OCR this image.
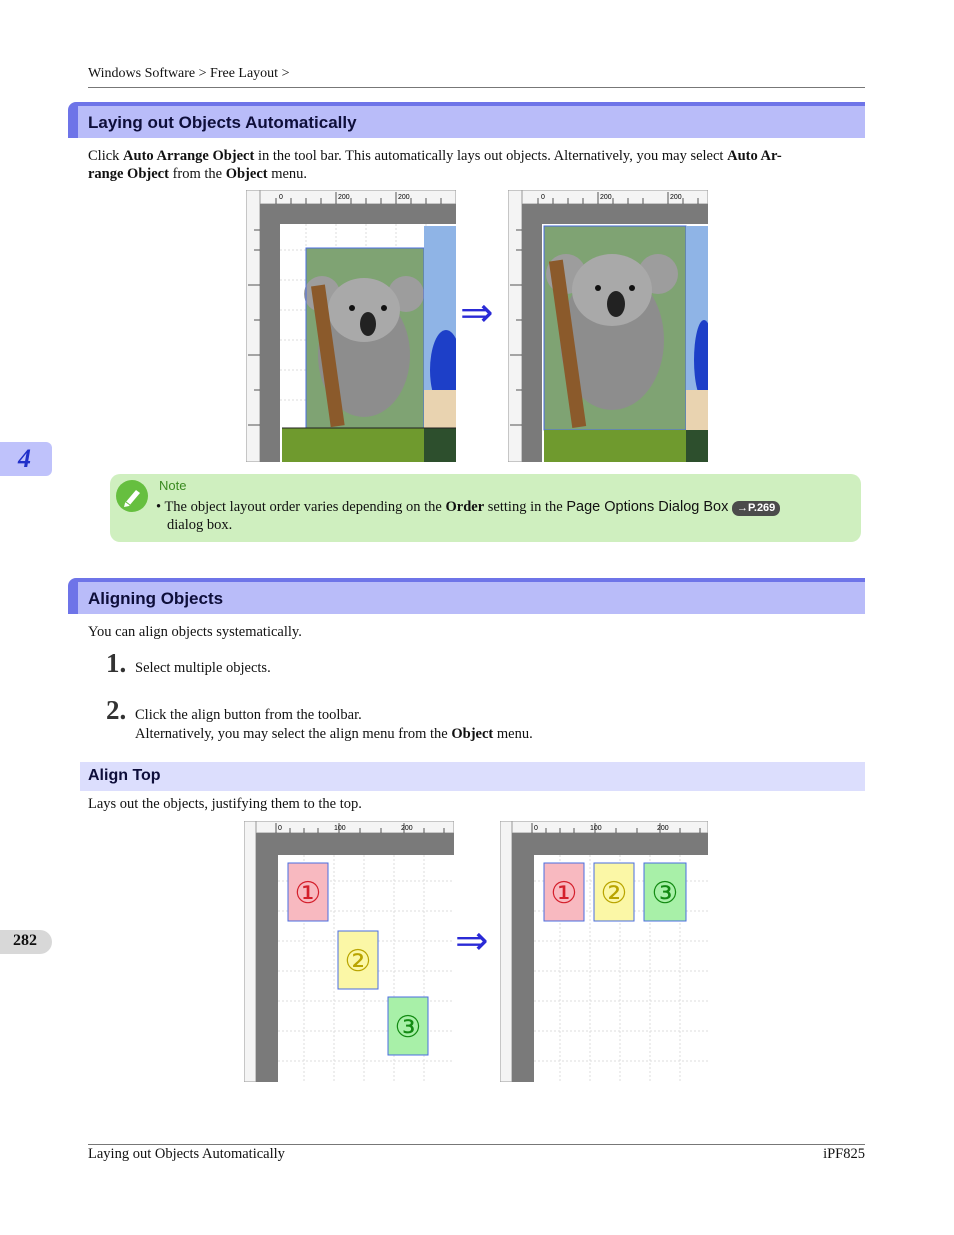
Windows Software > Free Layout >
4
282
Laying out Objects Automatically
Click Auto Arrange Object in the tool bar. This automatically lays out objects. Alternatively, you may select Auto Ar-
range Object from the Object menu.
0	200	200
⇒
0	200	200
Note
• The object layout order varies depending on the Order setting in the Page Options Dialog Box →P.269
dialog box.
Aligning Objects
You can align objects systematically.
1. Select multiple objects.
2. Click the align button from the toolbar.
Alternatively, you may select the align menu from the Object menu.
Align Top
Lays out the objects, justifying them to the top.
0	100	200
①
②
③
⇒
0	100	200
① ② ③
Laying out Objects Automatically	iPF825
